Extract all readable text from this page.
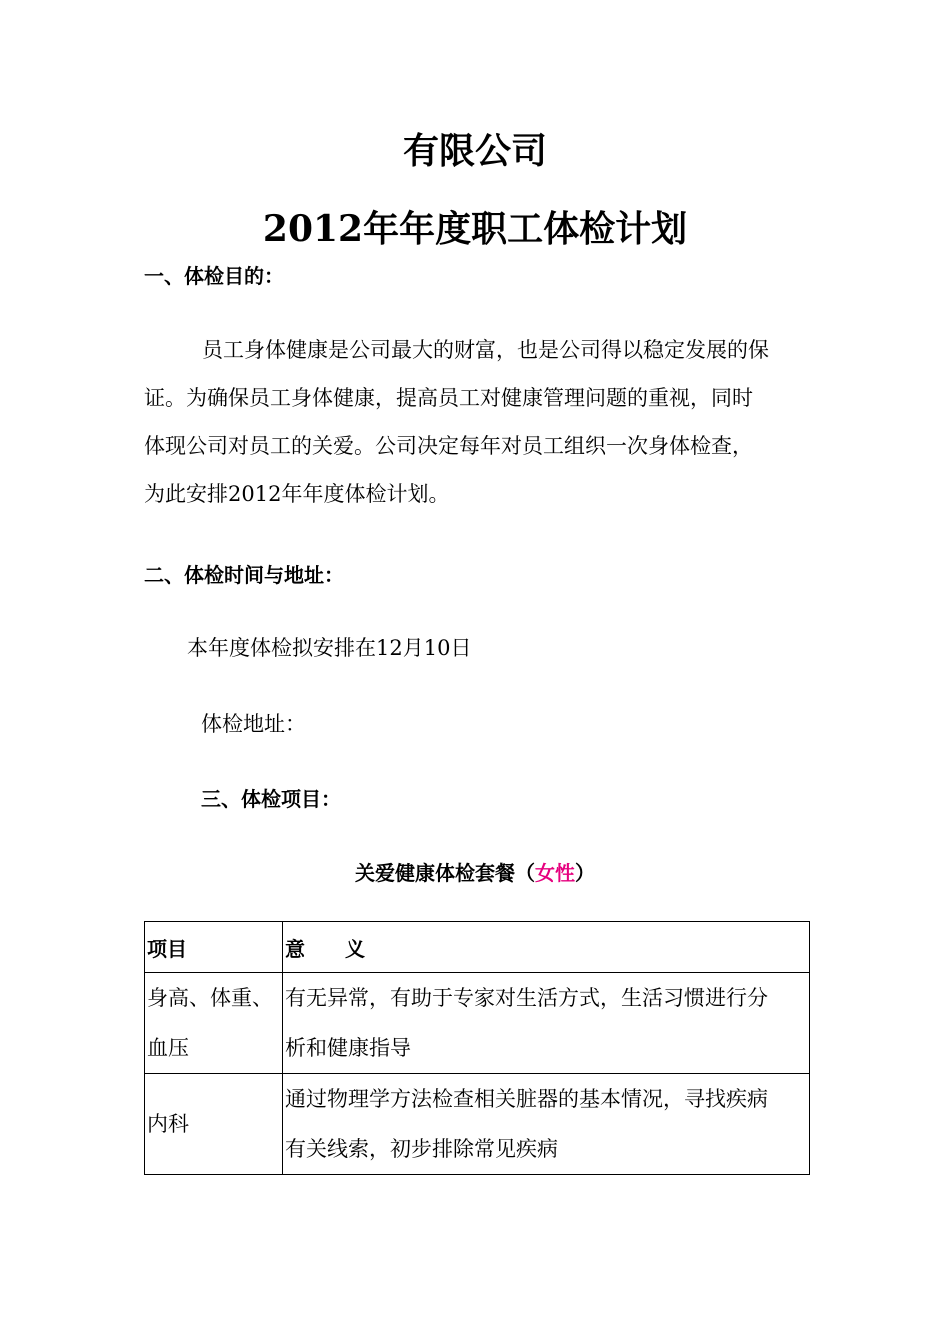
有限公司
2012年年度职工体检计划
一、体检目的：
员工身体健康是公司最大的财富，也是公司得以稳定发展的保
证。为确保员工身体健康，提高员工对健康管理问题的重视，同时
体现公司对员工的关爱。公司决定每年对员工组织一次身体检查，
为此安排2012年年度体检计划。
二、体检时间与地址：
本年度体检拟安排在12月10日
体检地址：
三、体检项目：
关爱健康体检套餐（女性）
项目	意　　义

身高、体重、
血压	有无异常，有助于专家对生活方式，生活习惯进行分
析和健康指导

内科	通过物理学方法检查相关脏器的基本情况，寻找疾病
有关线索，初步排除常见疾病
